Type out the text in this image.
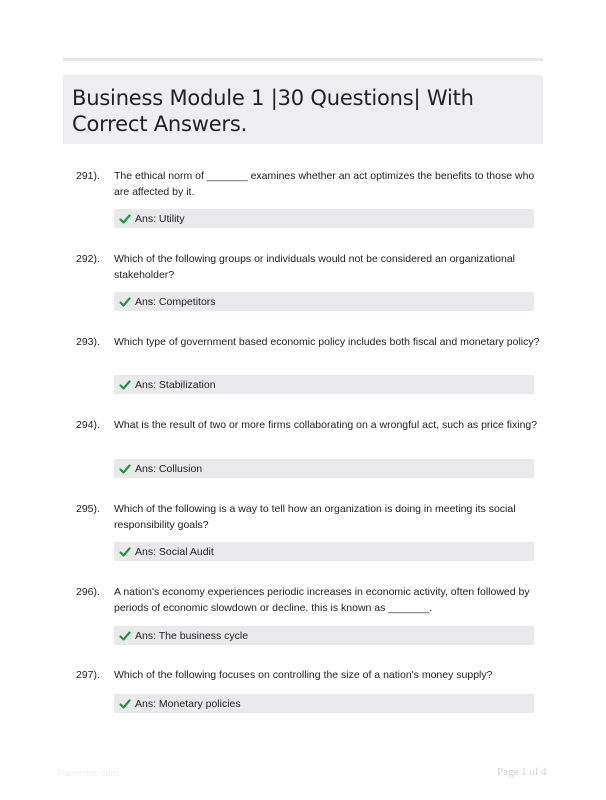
Business Module 1 |30 Questions| With Correct Answers.
291). The ethical norm of _______ examines whether an act optimizes the benefits to those who are affected by it.
Ans: Utility
292). Which of the following groups or individuals would not be considered an organizational stakeholder?
Ans: Competitors
293). Which type of government based economic policy includes both fiscal and monetary policy?
Ans: Stabilization
294). What is the result of two or more firms collaborating on a wrongful act, such as price fixing?
Ans: Collusion
295). Which of the following is a way to tell how an organization is doing in meeting its social responsibility goals?
Ans: Social Audit
296). A nation's economy experiences periodic increases in economic activity, often followed by periods of economic slowdown or decline. this is known as _______.
Ans: The business cycle
297). Which of the following focuses on controlling the size of a nation's money supply?
Ans: Monetary policies
Paperstuc.com	Page 1 of 4
